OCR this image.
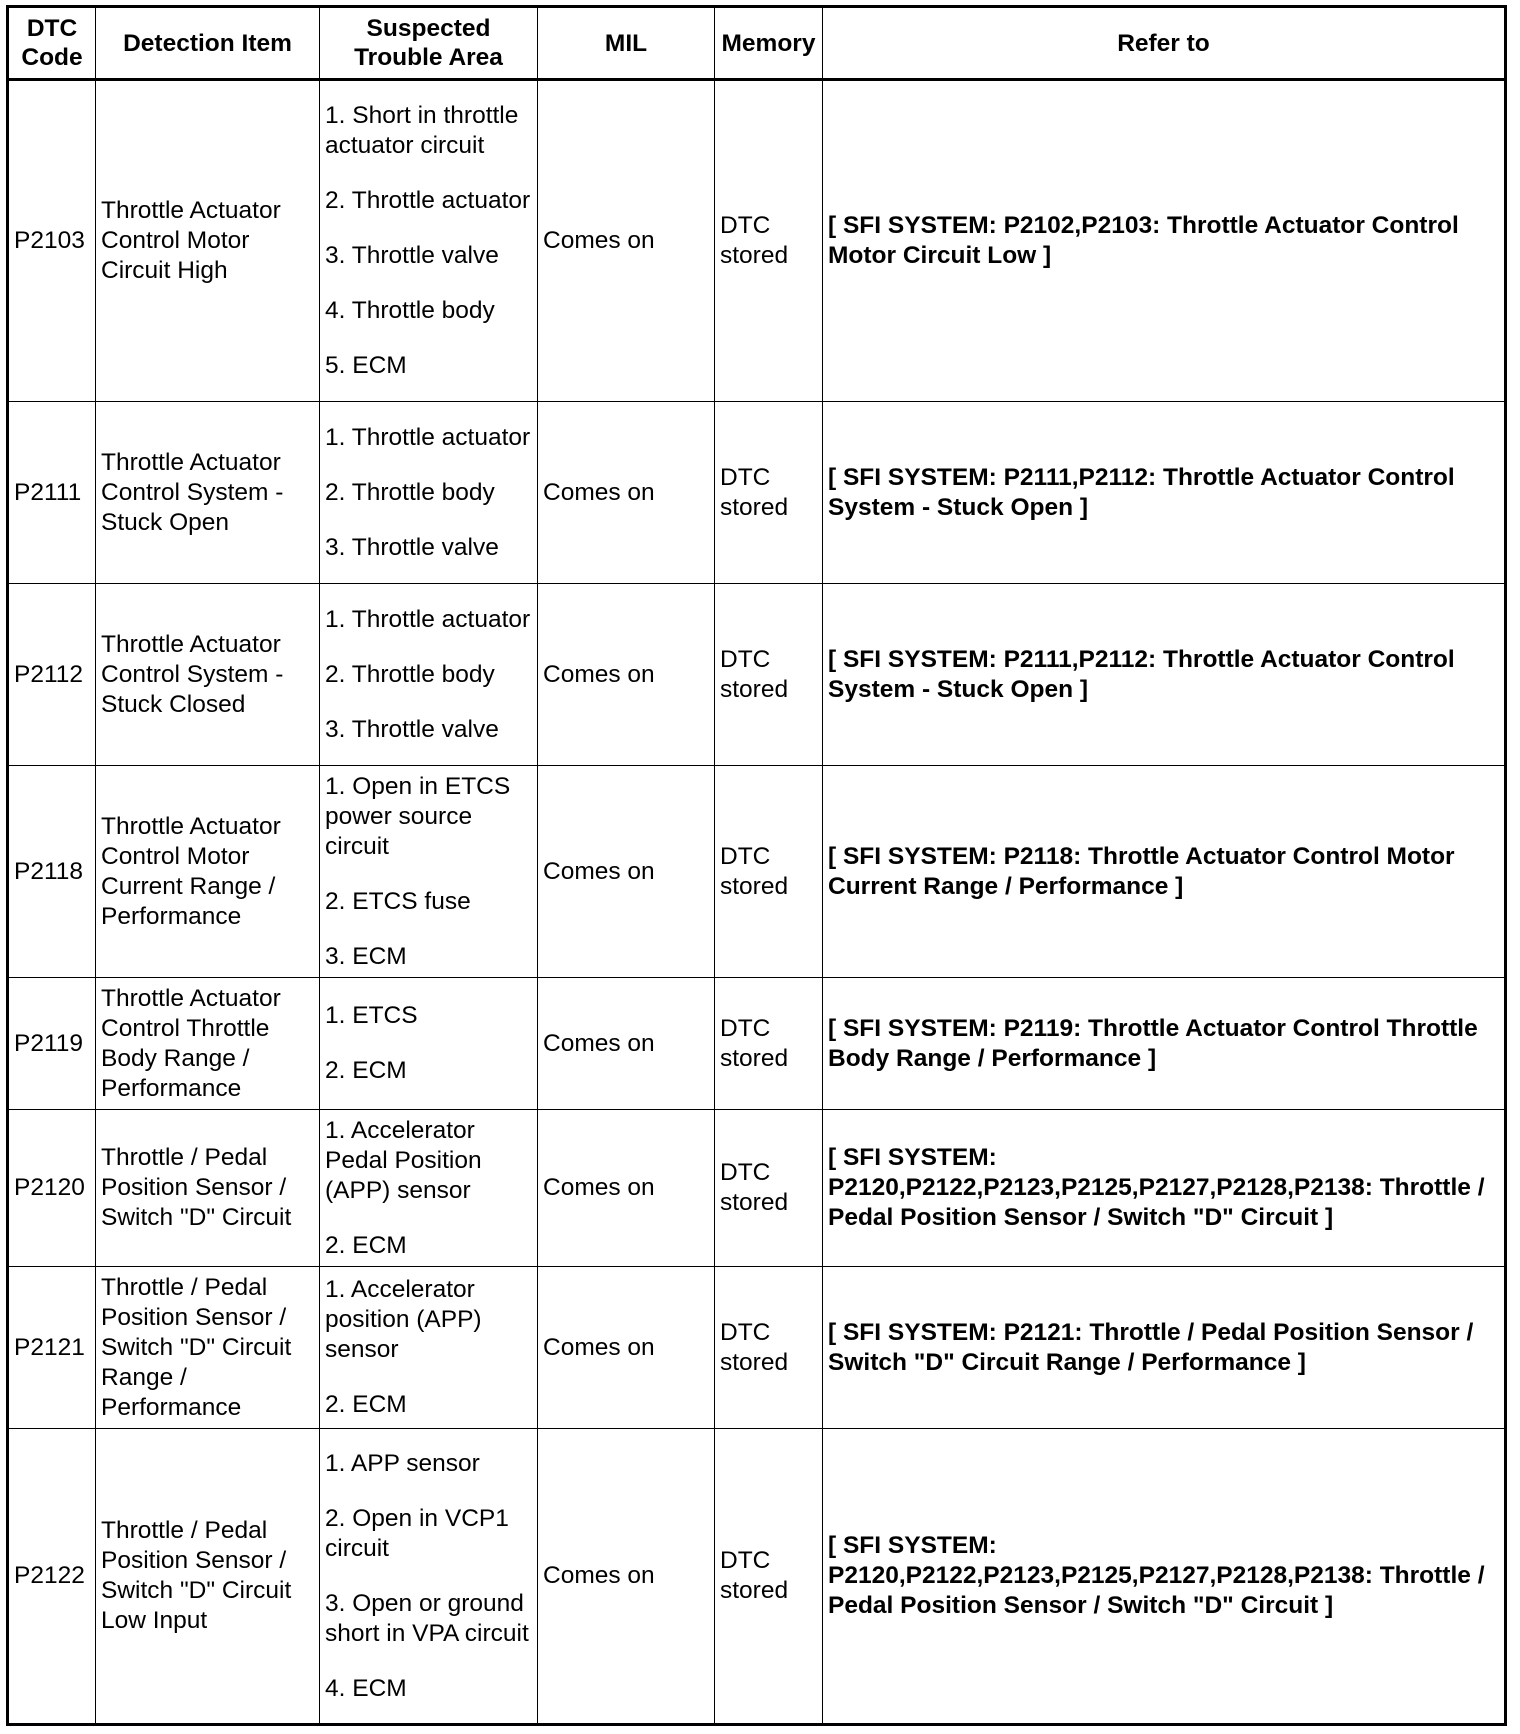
DTC Code	Detection Item	Suspected Trouble Area	MIL	Memory	Refer to
P2103	Throttle Actuator Control Motor Circuit High	1. Short in throttle actuator circuit
2. Throttle actuator
3. Throttle valve
4. Throttle body
5. ECM	Comes on	DTC stored	[ SFI SYSTEM: P2102,P2103: Throttle Actuator Control Motor Circuit Low ]
P2111	Throttle Actuator Control System - Stuck Open	1. Throttle actuator
2. Throttle body
3. Throttle valve	Comes on	DTC stored	[ SFI SYSTEM: P2111,P2112: Throttle Actuator Control System - Stuck Open ]
P2112	Throttle Actuator Control System - Stuck Closed	1. Throttle actuator
2. Throttle body
3. Throttle valve	Comes on	DTC stored	[ SFI SYSTEM: P2111,P2112: Throttle Actuator Control System - Stuck Open ]
P2118	Throttle Actuator Control Motor Current Range / Performance	1. Open in ETCS power source circuit
2. ETCS fuse
3. ECM	Comes on	DTC stored	[ SFI SYSTEM: P2118: Throttle Actuator Control Motor Current Range / Performance ]
P2119	Throttle Actuator Control Throttle Body Range / Performance	1. ETCS
2. ECM	Comes on	DTC stored	[ SFI SYSTEM: P2119: Throttle Actuator Control Throttle Body Range / Performance ]
P2120	Throttle / Pedal Position Sensor / Switch "D" Circuit	1. Accelerator Pedal Position (APP) sensor
2. ECM	Comes on	DTC stored	[ SFI SYSTEM: P2120,P2122,P2123,P2125,P2127,P2128,P2138: Throttle / Pedal Position Sensor / Switch "D" Circuit ]
P2121	Throttle / Pedal Position Sensor / Switch "D" Circuit Range / Performance	1. Accelerator position (APP) sensor
2. ECM	Comes on	DTC stored	[ SFI SYSTEM: P2121: Throttle / Pedal Position Sensor / Switch "D" Circuit Range / Performance ]
P2122	Throttle / Pedal Position Sensor / Switch "D" Circuit Low Input	1. APP sensor
2. Open in VCP1 circuit
3. Open or ground short in VPA circuit
4. ECM	Comes on	DTC stored	[ SFI SYSTEM: P2120,P2122,P2123,P2125,P2127,P2128,P2138: Throttle / Pedal Position Sensor / Switch "D" Circuit ]
